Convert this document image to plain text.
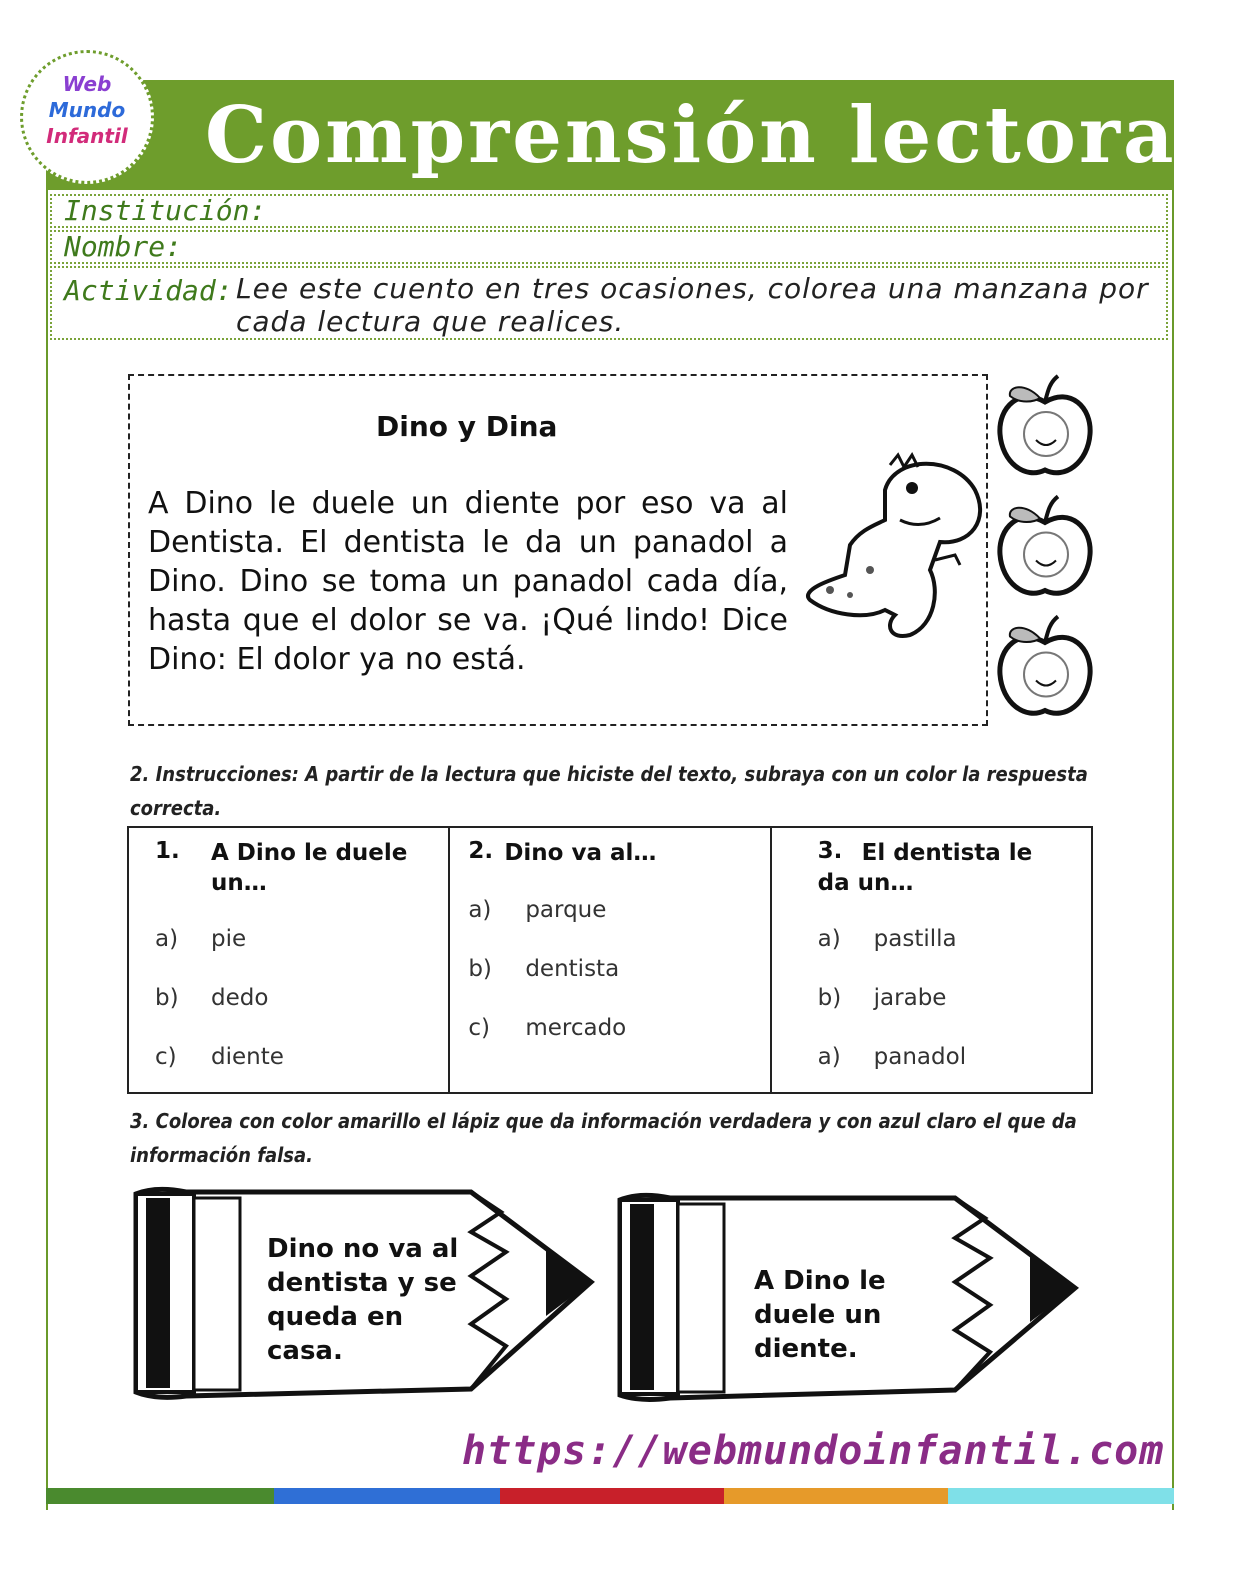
Comprensión lectora
Web
Mundo
Infantil
Institución:
Nombre:
Actividad: Lee este cuento en tres ocasiones, colorea una manzana por cada lectura que realices.
Dino y Dina
A Dino le duele un diente por eso va al Dentista. El dentista le da un panadol a Dino. Dino se toma un panadol cada día, hasta que el dolor se va. ¡Qué lindo! Dice Dino: El dolor ya no está.
2. Instrucciones: A partir de la lectura que hiciste del texto, subraya con un color la respuesta correcta.
1. A Dino le duele un…
a) pie
b) dedo
c) diente

2. Dino va al…
a) parque
b) dentista
c) mercado

3. El dentista le da un…
a) pastilla
b) jarabe
a) panadol
3. Colorea con color amarillo el lápiz que da información verdadera y con azul claro el que da información falsa.
Dino no va al dentista y se queda en casa.
A Dino le duele un diente.
https://webmundoinfantil.com
